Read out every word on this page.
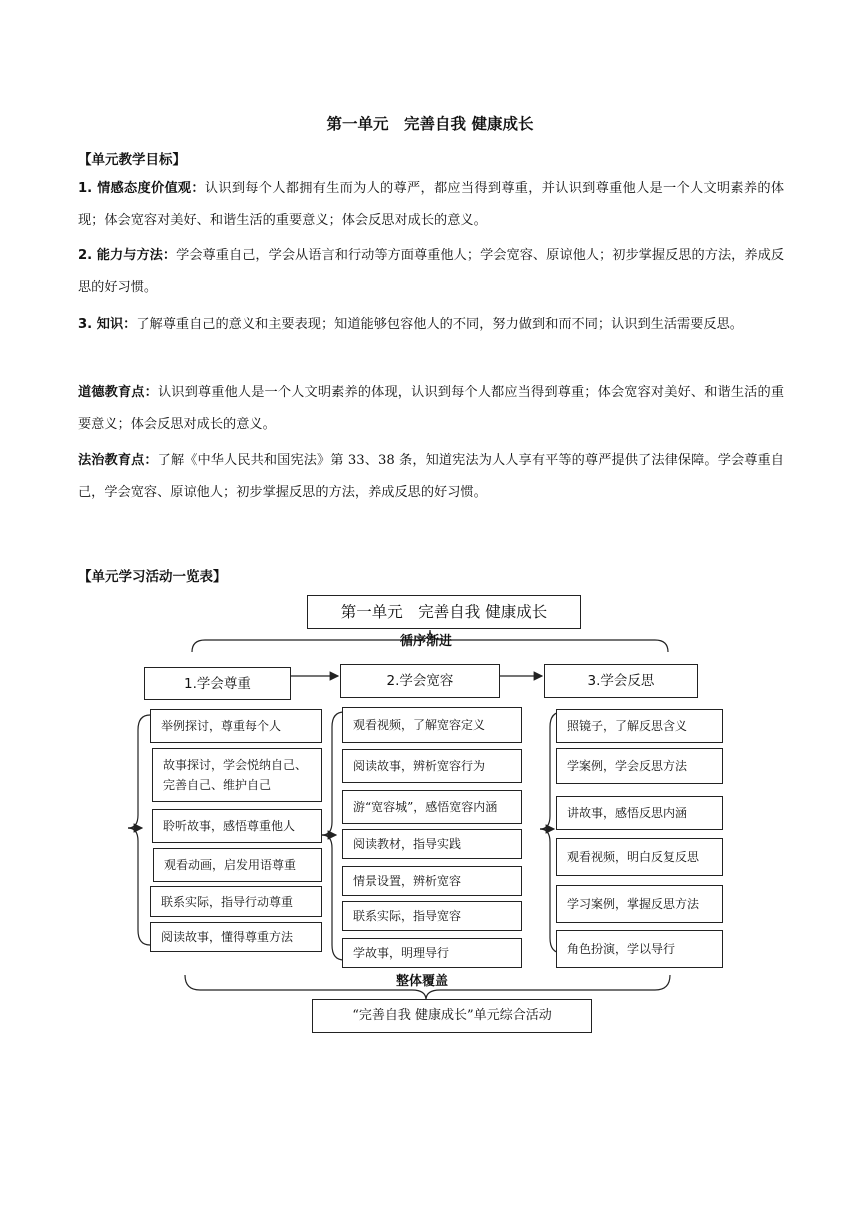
第一单元　完善自我 健康成长
【单元教学目标】
1. 情感态度价值观：认识到每个人都拥有生而为人的尊严，都应当得到尊重，并认识到尊重他人是一个人文明素养的体现；体会宽容对美好、和谐生活的重要意义；体会反思对成长的意义。
2. 能力与方法：学会尊重自己，学会从语言和行动等方面尊重他人；学会宽容、原谅他人；初步掌握反思的方法，养成反思的好习惯。
3. 知识：了解尊重自己的意义和主要表现；知道能够包容他人的不同，努力做到和而不同；认识到生活需要反思。
道德教育点：认识到尊重他人是一个人文明素养的体现，认识到每个人都应当得到尊重；体会宽容对美好、和谐生活的重要意义；体会反思对成长的意义。
法治教育点：了解《中华人民共和国宪法》第 33、38 条，知道宪法为人人享有平等的尊严提供了法律保障。学会尊重自己，学会宽容、原谅他人；初步掌握反思的方法，养成反思的好习惯。
【单元学习活动一览表】
第一单元　完善自我 健康成长
循序渐进
1.学会尊重	2.学会宽容	3.学会反思
举例探讨，尊重每个人
故事探讨，学会悦纳自己、完善自己、维护自己
聆听故事，感悟尊重他人
观看动画，启发用语尊重
联系实际，指导行动尊重
阅读故事，懂得尊重方法
观看视频，了解宽容定义
阅读故事，辨析宽容行为
游“宽容城”，感悟宽容内涵
阅读教材，指导实践
情景设置，辨析宽容
联系实际，指导宽容
学故事，明理导行
照镜子，了解反思含义
学案例，学会反思方法
讲故事，感悟反思内涵
观看视频，明白反复反思
学习案例，掌握反思方法
角色扮演，学以导行
整体覆盖
“完善自我 健康成长”单元综合活动
